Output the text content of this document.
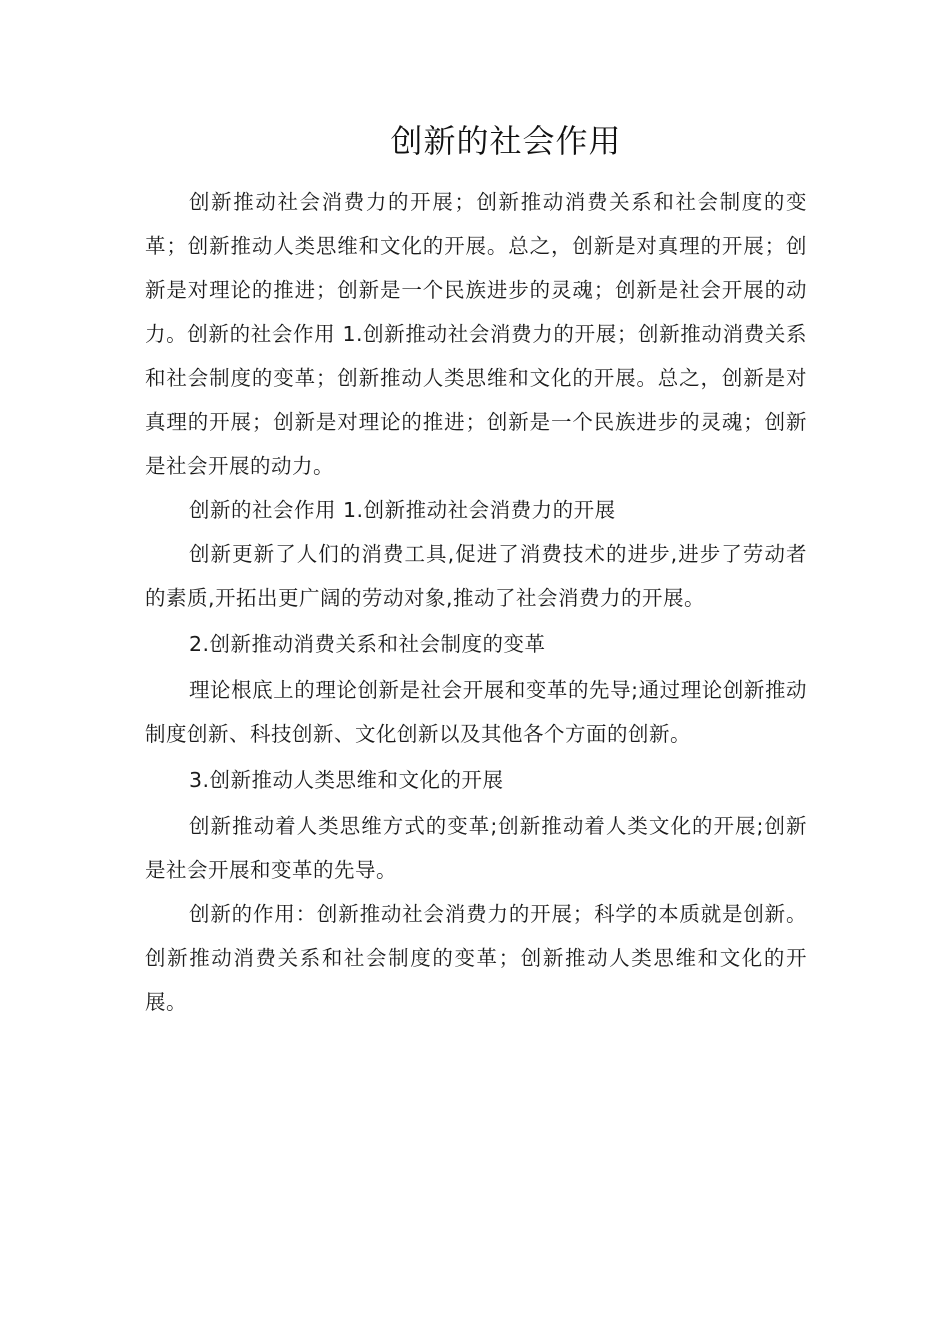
创新的社会作用

创新推动社会消费力的开展；创新推动消费关系和社会制度的变革；创新推动人类思维和文化的开展。总之，创新是对真理的开展；创新是对理论的推进；创新是一个民族进步的灵魂；创新是社会开展的动力。创新的社会作用 1.创新推动社会消费力的开展；创新推动消费关系和社会制度的变革；创新推动人类思维和文化的开展。总之，创新是对真理的开展；创新是对理论的推进；创新是一个民族进步的灵魂；创新是社会开展的动力。

创新的社会作用 1.创新推动社会消费力的开展

创新更新了人们的消费工具,促进了消费技术的进步,进步了劳动者的素质,开拓出更广阔的劳动对象,推动了社会消费力的开展。

2.创新推动消费关系和社会制度的变革

理论根底上的理论创新是社会开展和变革的先导;通过理论创新推动制度创新、科技创新、文化创新以及其他各个方面的创新。

3.创新推动人类思维和文化的开展

创新推动着人类思维方式的变革;创新推动着人类文化的开展;创新是社会开展和变革的先导。

创新的作用：创新推动社会消费力的开展；科学的本质就是创新。创新推动消费关系和社会制度的变革；创新推动人类思维和文化的开展。
